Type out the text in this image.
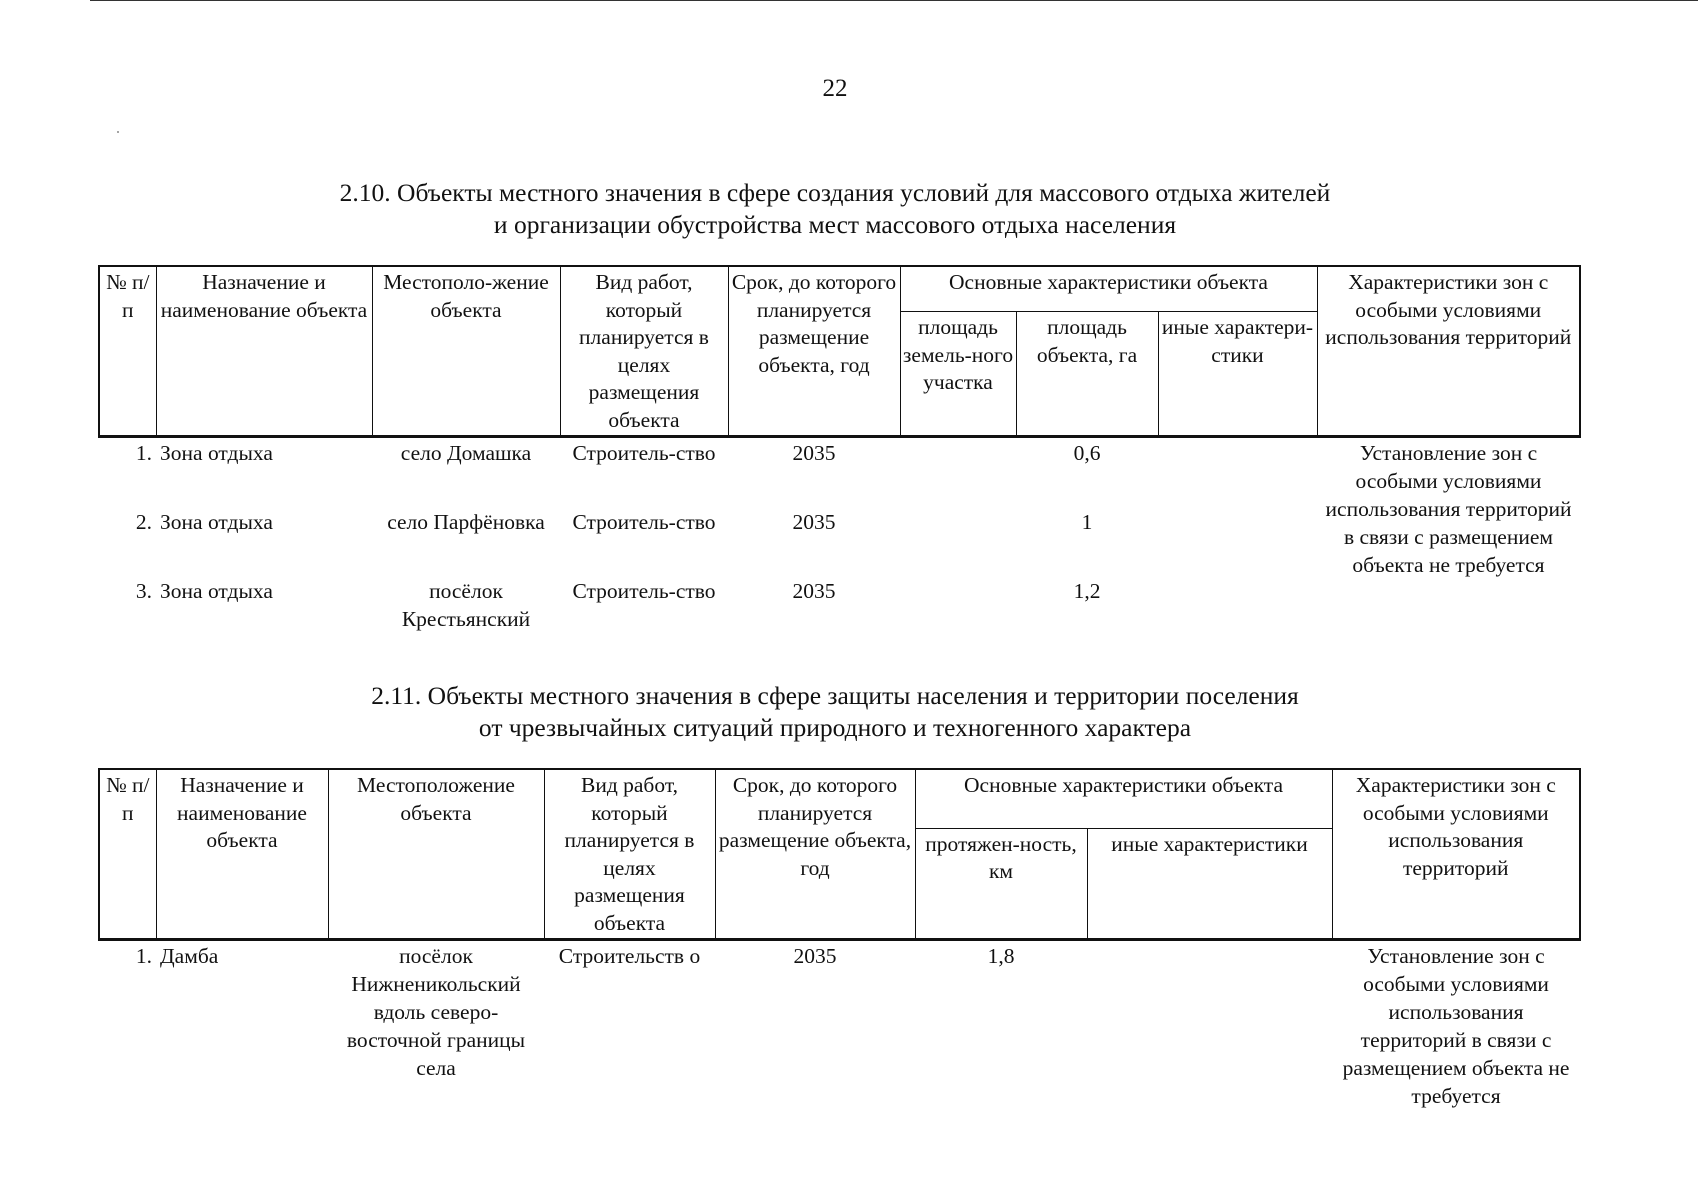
22
2.10. Объекты местного значения в сфере создания условий для массового отдыха жителей
и организации обустройства мест массового отдыха населения
№ п/п	Назначение и наименование объекта	Местополо-жение объекта	Вид работ, который планируется в целях размещения объекта	Срок, до которого планируется размещение объекта, год	Основные характеристики объекта			Характеристики зон с особыми условиями использования территорий
					площадь земель-ного участка	площадь объекта, га	иные характери-стики	
1.	Зона отдыха	село Домашка	Строитель-ство	2035		0,6		Установление зон с особыми условиями использования территорий в связи с размещением объекта не требуется
2.	Зона отдыха	село Парфёновка	Строитель-ство	2035		1		
3.	Зона отдыха	посёлок Крестьянский	Строитель-ство	2035		1,2		
2.11. Объекты местного значения в сфере защиты населения и территории поселения
от чрезвычайных ситуаций природного и техногенного характера
№ п/п	Назначение и наименование объекта	Местоположение объекта	Вид работ, который планируется в целях размещения объекта	Срок, до которого планируется размещение объекта, год	Основные характеристики объекта		Характеристики зон с особыми условиями использования территорий
					протяжен-ность, км	иные характеристики	
1.	Дамба	посёлок Нижненикольский вдоль северо-восточной границы села	Строительств о	2035	1,8		Установление зон с особыми условиями использования территорий в связи с размещением объекта не требуется
